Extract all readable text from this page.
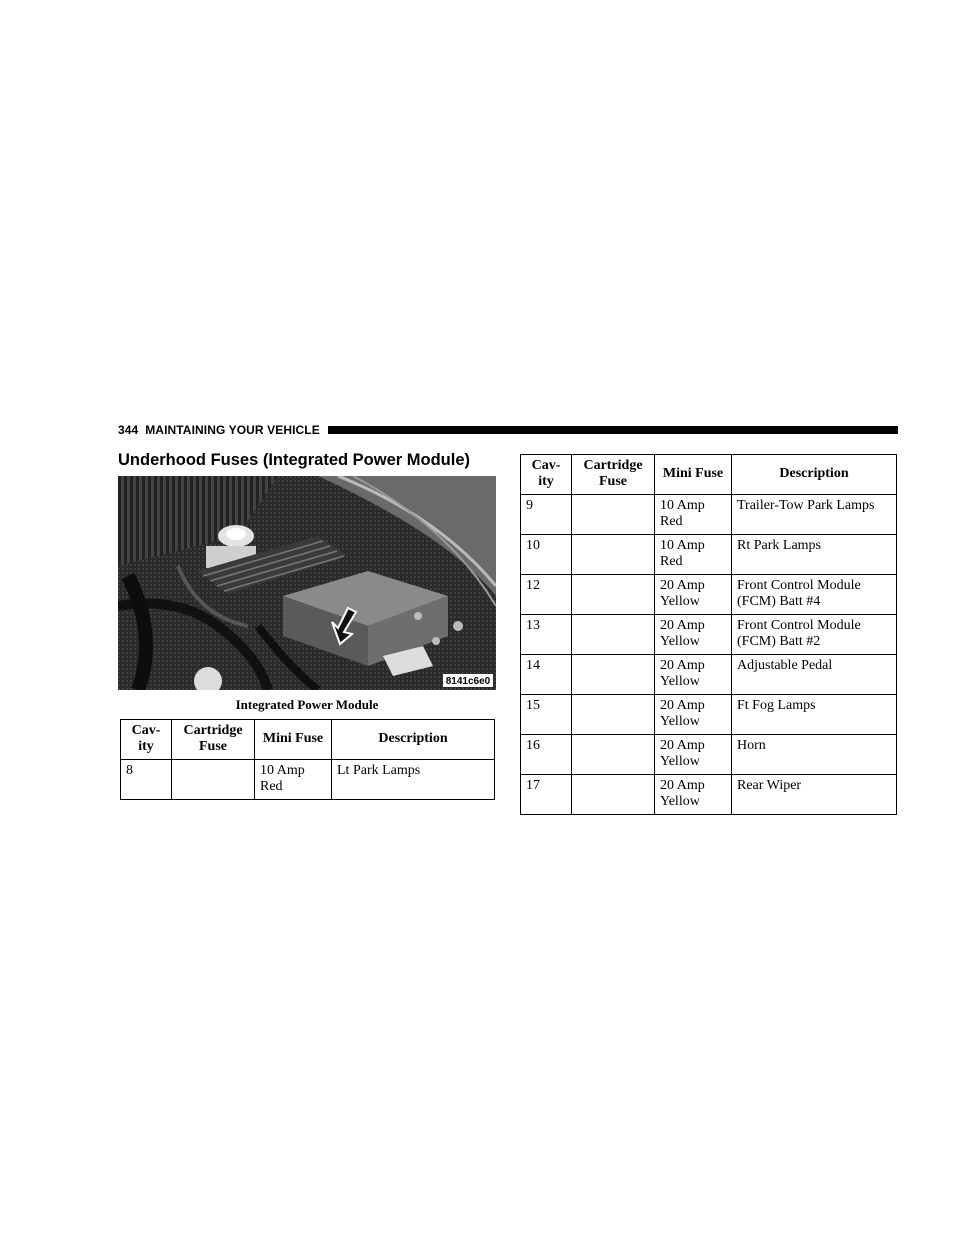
344 MAINTAINING YOUR VEHICLE
Underhood Fuses (Integrated Power Module)
8141c6e0
Integrated Power Module
Cav-
ity	Cartridge
Fuse	Mini Fuse	Description
8		10 Amp Red	Lt Park Lamps
Cav-
ity	Cartridge
Fuse	Mini Fuse	Description
9		10 Amp Red	Trailer-Tow Park Lamps
10		10 Amp Red	Rt Park Lamps
12		20 Amp Yellow	Front Control Module (FCM) Batt #4
13		20 Amp Yellow	Front Control Module (FCM) Batt #2
14		20 Amp Yellow	Adjustable Pedal
15		20 Amp Yellow	Ft Fog Lamps
16		20 Amp Yellow	Horn
17		20 Amp Yellow	Rear Wiper
